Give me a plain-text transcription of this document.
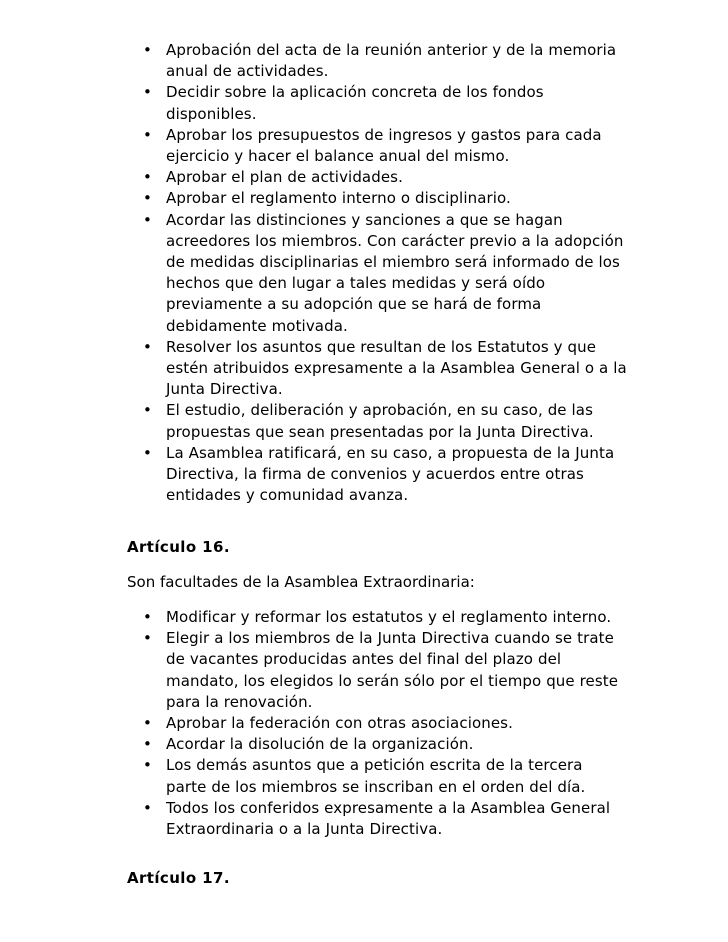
• Aprobación del acta de la reunión anterior y de la memoria
anual de actividades.
• Decidir sobre la aplicación concreta de los fondos
disponibles.
• Aprobar los presupuestos de ingresos y gastos para cada
ejercicio y hacer el balance anual del mismo.
• Aprobar el plan de actividades.
• Aprobar el reglamento interno o disciplinario.
• Acordar las distinciones y sanciones a que se hagan
acreedores los miembros. Con carácter previo a la adopción
de medidas disciplinarias el miembro será informado de los
hechos que den lugar a tales medidas y será oído
previamente a su adopción que se hará de forma
debidamente motivada.
• Resolver los asuntos que resultan de los Estatutos y que
estén atribuidos expresamente a la Asamblea General o a la
Junta Directiva.
• El estudio, deliberación y aprobación, en su caso, de las
propuestas que sean presentadas por la Junta Directiva.
• La Asamblea ratificará, en su caso, a propuesta de la Junta
Directiva, la firma de convenios y acuerdos entre otras
entidades y comunidad avanza.
Artículo 16.
Son facultades de la Asamblea Extraordinaria:
• Modificar y reformar los estatutos y el reglamento interno.
• Elegir a los miembros de la Junta Directiva cuando se trate
de vacantes producidas antes del final del plazo del
mandato, los elegidos lo serán sólo por el tiempo que reste
para la renovación.
• Aprobar la federación con otras asociaciones.
• Acordar la disolución de la organización.
• Los demás asuntos que a petición escrita de la tercera
parte de los miembros se inscriban en el orden del día.
• Todos los conferidos expresamente a la Asamblea General
Extraordinaria o a la Junta Directiva.
Artículo 17.
